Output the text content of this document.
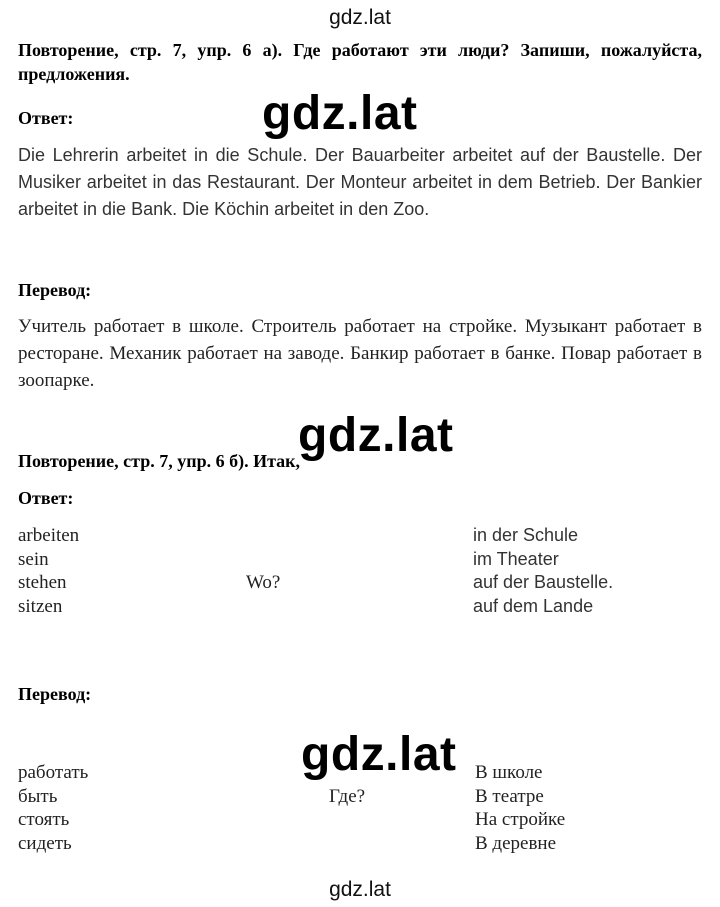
gdz.lat
Повторение, стр. 7, упр. 6 а). Где работают эти люди? Запиши, пожалуйста, предложения.
Ответ:	gdz.lat
Die Lehrerin arbeitet in die Schule. Der Bauarbeiter arbeitet auf der Baustelle. Der Musiker arbeitet in das Restaurant. Der Monteur arbeitet in dem Betrieb. Der Bankier arbeitet in die Bank. Die Köchin arbeitet in den Zoo.
Перевод:
Учитель работает в школе. Строитель работает на стройке. Музыкант работает в ресторане. Механик работает на заводе. Банкир работает в банке. Повар работает в зоопарке.
Повторение, стр. 7, упр. 6 б). Итак,
gdz.lat
Ответ:
arbeiten
sein
stehen
sitzen
Wo?
in der Schule
im Theater
auf der Baustelle.
auf dem Lande
Перевод:
gdz.lat
работать
быть
стоять
сидеть
Где?
В школе
В театре
На стройке
В деревне
gdz.lat
